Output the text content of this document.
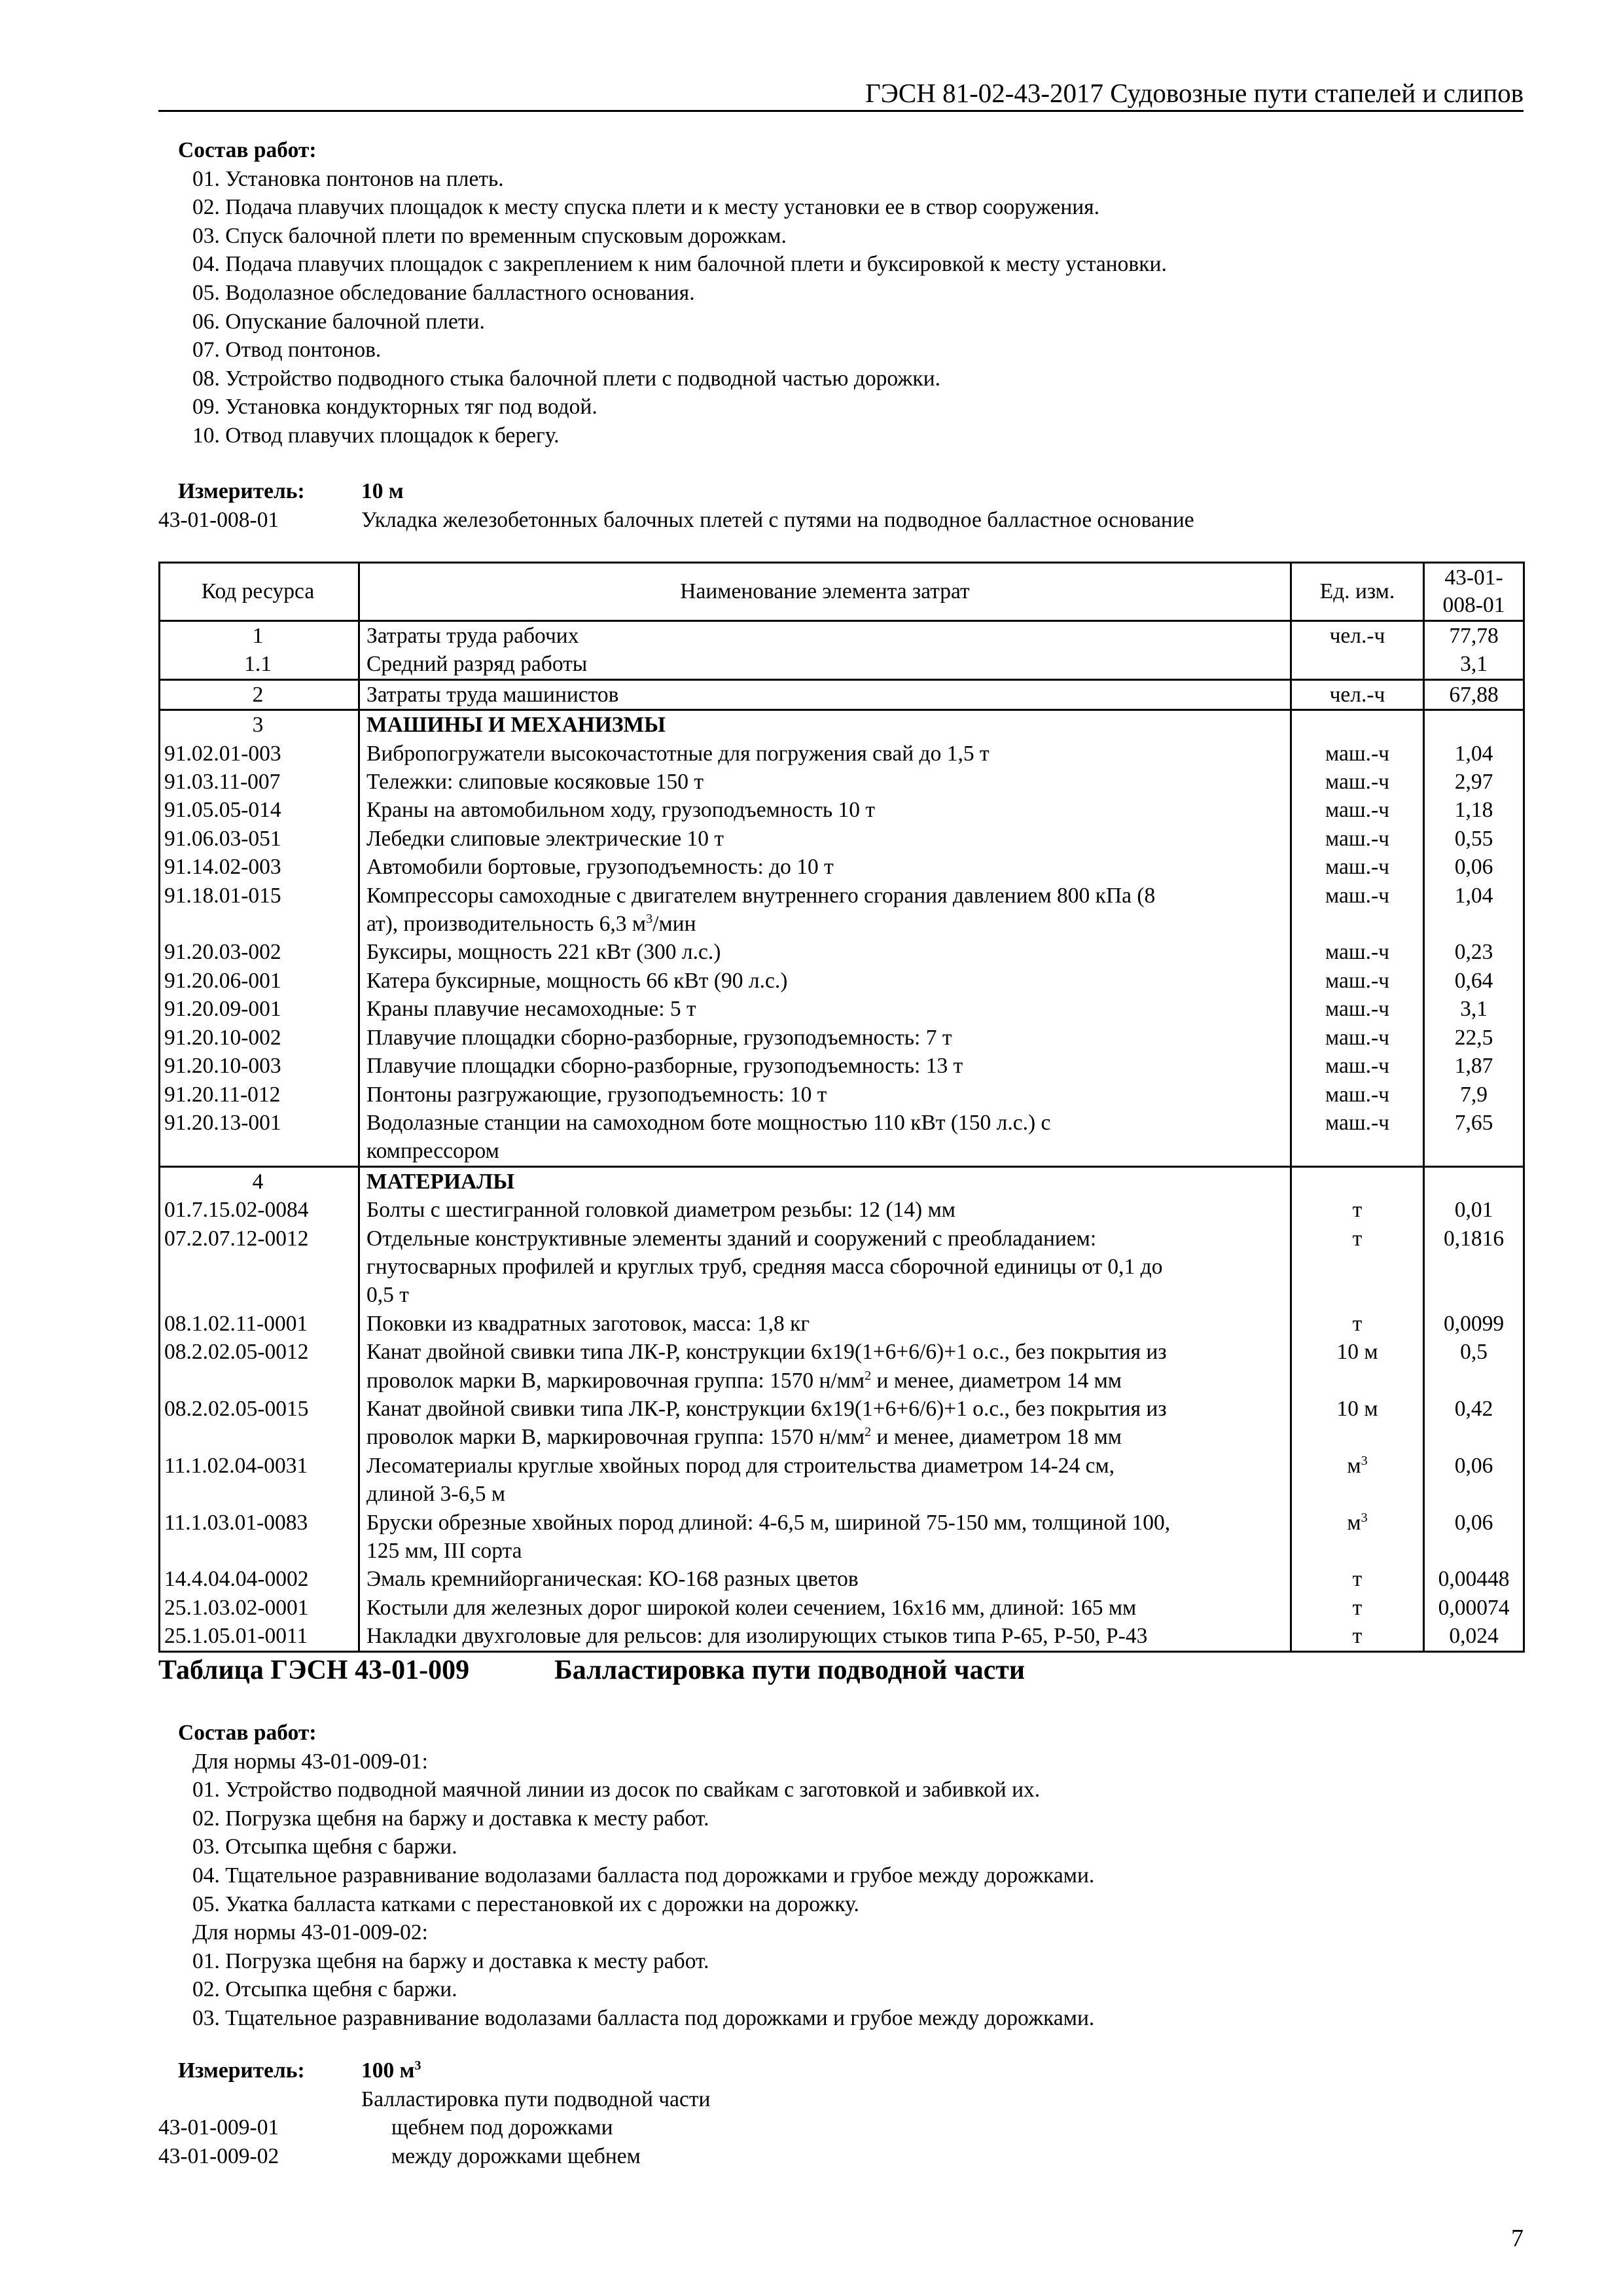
ГЭСН 81-02-43-2017 Судовозные пути стапелей и слипов
Состав работ:
01. Установка понтонов на плеть.
02. Подача плавучих площадок к месту спуска плети и к месту установки ее в створ сооружения.
03. Спуск балочной плети по временным спусковым дорожкам.
04. Подача плавучих площадок с закреплением к ним балочной плети и буксировкой к месту установки.
05. Водолазное обследование балластного основания.
06. Опускание балочной плети.
07. Отвод понтонов.
08. Устройство подводного стыка балочной плети с подводной частью дорожки.
09. Установка кондукторных тяг под водой.
10. Отвод плавучих площадок к берегу.
Измеритель:	10 м
43-01-008-01	Укладка железобетонных балочных плетей с путями на подводное балластное основание
Код ресурса	Наименование элемента затрат	Ед. изм.	43-01-
008-01
1	Затраты труда рабочих	чел.-ч	77,78
1.1	Средний разряд работы		3,1
2	Затраты труда машинистов	чел.-ч	67,88
3	МАШИНЫ И МЕХАНИЗМЫ		
91.02.01-003	Вибропогружатели высокочастотные для погружения свай до 1,5 т	маш.-ч	1,04
91.03.11-007	Тележки: слиповые косяковые 150 т	маш.-ч	2,97
91.05.05-014	Краны на автомобильном ходу, грузоподъемность 10 т	маш.-ч	1,18
91.06.03-051	Лебедки слиповые электрические 10 т	маш.-ч	0,55
91.14.02-003	Автомобили бортовые, грузоподъемность: до 10 т	маш.-ч	0,06
91.18.01-015	Компрессоры самоходные с двигателем внутреннего сгорания давлением 800 кПа (8
ат), производительность 6,3 $м^3$/мин	маш.-ч	1,04
91.20.03-002	Буксиры, мощность 221 кВт (300 л.с.)	маш.-ч	0,23
91.20.06-001	Катера буксирные, мощность 66 кВт (90 л.с.)	маш.-ч	0,64
91.20.09-001	Краны плавучие несамоходные: 5 т	маш.-ч	3,1
91.20.10-002	Плавучие площадки сборно-разборные, грузоподъемность: 7 т	маш.-ч	22,5
91.20.10-003	Плавучие площадки сборно-разборные, грузоподъемность: 13 т	маш.-ч	1,87
91.20.11-012	Понтоны разгружающие, грузоподъемность: 10 т	маш.-ч	7,9
91.20.13-001	Водолазные станции на самоходном боте мощностью 110 кВт (150 л.с.) с
компрессором	маш.-ч	7,65
4	МАТЕРИАЛЫ		
01.7.15.02-0084	Болты с шестигранной головкой диаметром резьбы: 12 (14) мм	т	0,01
07.2.07.12-0012	Отдельные конструктивные элементы зданий и сооружений с преобладанием:
гнутосварных профилей и круглых труб, средняя масса сборочной единицы от 0,1 до
0,5 т	т	0,1816
08.1.02.11-0001	Поковки из квадратных заготовок, масса: 1,8 кг	т	0,0099
08.2.02.05-0012	Канат двойной свивки типа ЛК-Р, конструкции 6х19(1+6+6/6)+1 о.с., без покрытия из
проволок марки В, маркировочная группа: 1570 $н/мм^2$ и менее, диаметром 14 мм	10 м	0,5
08.2.02.05-0015	Канат двойной свивки типа ЛК-Р, конструкции 6х19(1+6+6/6)+1 о.с., без покрытия из
проволок марки В, маркировочная группа: 1570 $н/мм^2$ и менее, диаметром 18 мм	10 м	0,42
11.1.02.04-0031	Лесоматериалы круглые хвойных пород для строительства диаметром 14-24 см,
длиной 3-6,5 м	$м^3$	0,06
11.1.03.01-0083	Бруски обрезные хвойных пород длиной: 4-6,5 м, шириной 75-150 мм, толщиной 100,
125 мм, III сорта	$м^3$	0,06
14.4.04.04-0002	Эмаль кремнийорганическая: КО-168 разных цветов	т	0,00448
25.1.03.02-0001	Костыли для железных дорог широкой колеи сечением, 16х16 мм, длиной: 165 мм	т	0,00074
25.1.05.01-0011	Накладки двухголовые для рельсов: для изолирующих стыков типа Р-65, Р-50, Р-43	т	0,024
Таблица ГЭСН 43-01-009	Балластировка пути подводной части
Состав работ:
Для нормы 43-01-009-01:
01. Устройство подводной маячной линии из досок по свайкам с заготовкой и забивкой их.
02. Погрузка щебня на баржу и доставка к месту работ.
03. Отсыпка щебня с баржи.
04. Тщательное разравнивание водолазами балласта под дорожками и грубое между дорожками.
05. Укатка балласта катками с перестановкой их с дорожки на дорожку.
Для нормы 43-01-009-02:
01. Погрузка щебня на баржу и доставка к месту работ.
02. Отсыпка щебня с баржи.
03. Тщательное разравнивание водолазами балласта под дорожками и грубое между дорожками.
Измеритель:	100 $м^3$
Балластировка пути подводной части
43-01-009-01	щебнем под дорожками
43-01-009-02	между дорожками щебнем
7
